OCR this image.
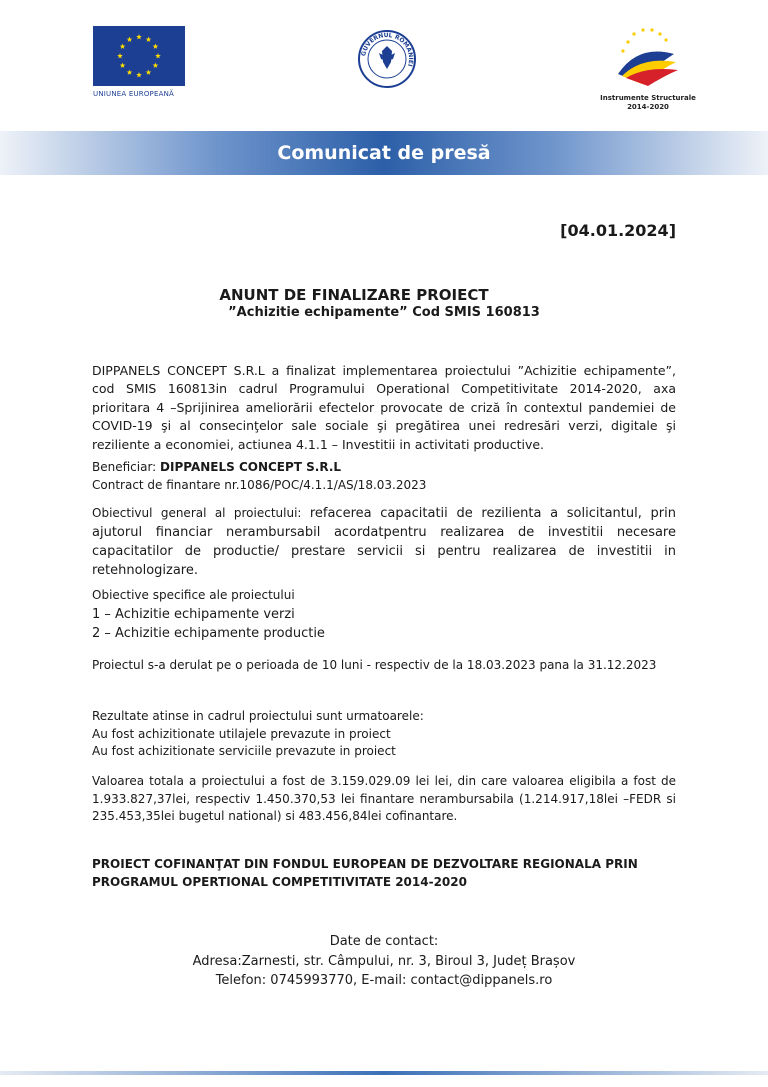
UNIUNEA EUROPEANĂ
GUVERNUL ROMÂNIEI
Instrumente Structurale
2014-2020
Comunicat de presă
[04.01.2024]
ANUNT DE FINALIZARE PROIECT
”Achizitie echipamente” Cod SMIS 160813
DIPPANELS CONCEPT S.R.L a finalizat implementarea proiectului ”Achizitie echipamente”, cod SMIS 160813in cadrul Programului Operational Competitivitate 2014-2020, axa prioritara 4 –Sprijinirea ameliorării efectelor provocate de criză în contextul pandemiei de COVID-19 şi al consecinţelor sale sociale şi pregătirea unei redresări verzi, digitale şi reziliente a economiei, actiunea 4.1.1 – Investitii in activitati productive.
Beneficiar: DIPPANELS CONCEPT S.R.L
Contract de finantare nr.1086/POC/4.1.1/AS/18.03.2023
Obiectivul general al proiectului: refacerea capacitatii de rezilienta a solicitantul, prin ajutorul financiar nerambursabil acordatpentru realizarea de investitii necesare capacitatilor de productie/ prestare servicii si pentru realizarea de investitii in retehnologizare.
Obiective specifice ale proiectului
1 – Achizitie echipamente verzi
2 – Achizitie echipamente productie
Proiectul s-a derulat pe o perioada de 10 luni - respectiv de la 18.03.2023 pana la 31.12.2023
Rezultate atinse in cadrul proiectului sunt urmatoarele:
Au fost achizitionate utilajele prevazute in proiect
Au fost achizitionate serviciile prevazute in proiect
Valoarea totala a proiectului a fost de 3.159.029.09 lei lei, din care valoarea eligibila a fost de 1.933.827,37lei, respectiv 1.450.370,53 lei finantare nerambursabila (1.214.917,18lei –FEDR si 235.453,35lei bugetul national) si 483.456,84lei cofinantare.
PROIECT COFINANŢAT DIN FONDUL EUROPEAN DE DEZVOLTARE REGIONALA PRIN
PROGRAMUL OPERTIONAL COMPETITIVITATE 2014-2020
Date de contact:
Adresa:Zarnesti, str. Câmpului, nr. 3, Biroul 3, Județ Brașov
Telefon: 0745993770, E-mail: contact@dippanels.ro
